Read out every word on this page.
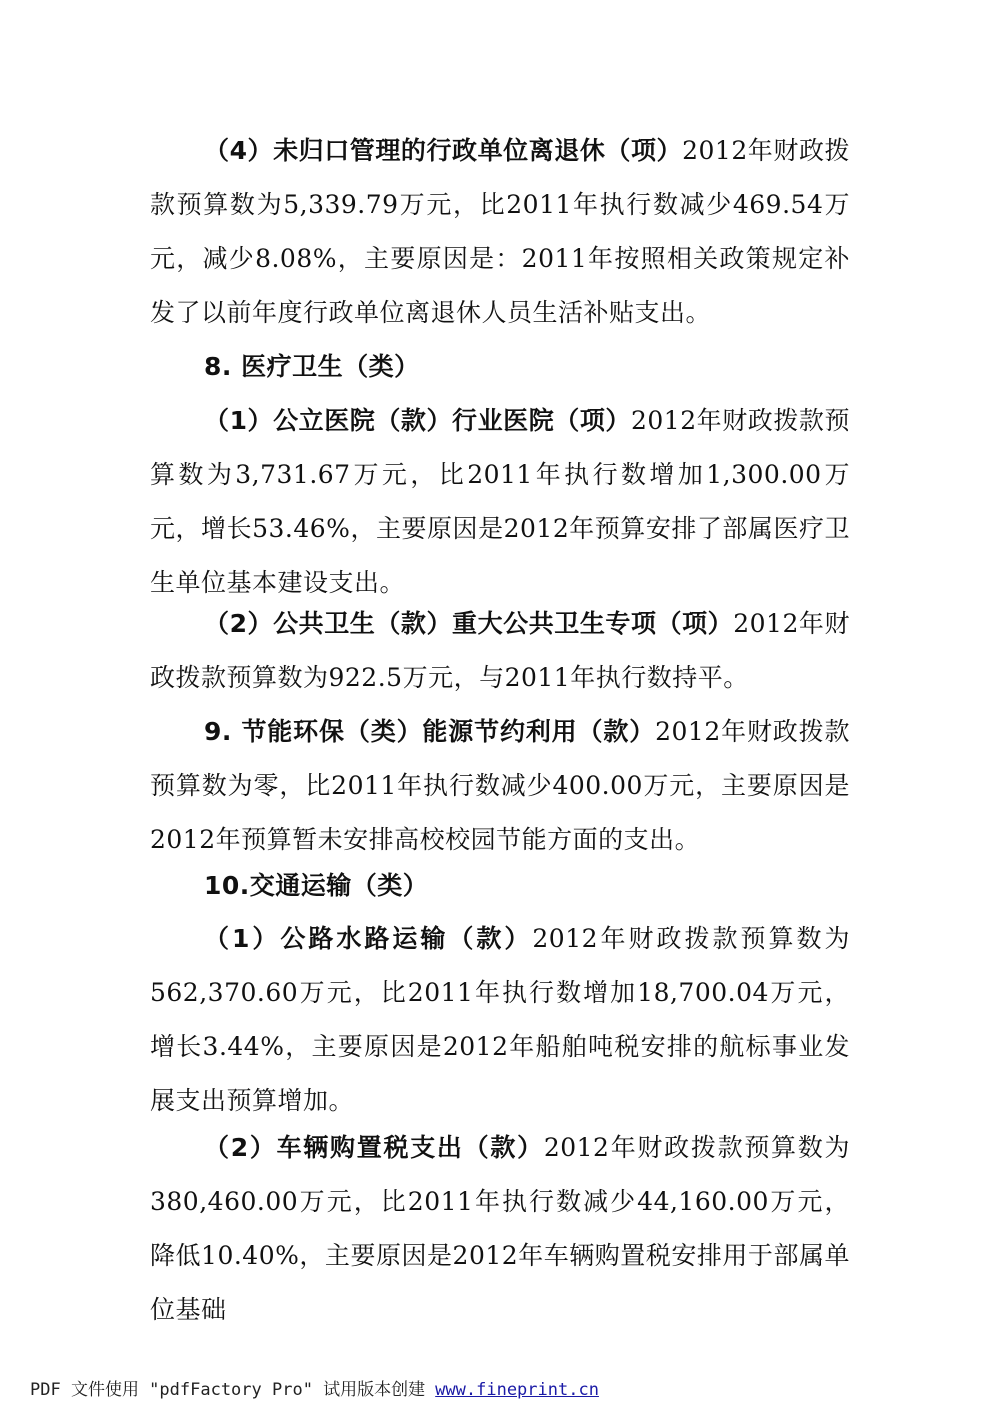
（4）未归口管理的行政单位离退休（项）2012年财政拨款预算数为5,339.79万元，比2011年执行数减少469.54万元，减少8.08%，主要原因是：2011年按照相关政策规定补发了以前年度行政单位离退休人员生活补贴支出。

8. 医疗卫生（类）

（1）公立医院（款）行业医院（项）2012年财政拨款预算数为3,731.67万元，比2011年执行数增加1,300.00万元，增长53.46%，主要原因是2012年预算安排了部属医疗卫生单位基本建设支出。

（2）公共卫生（款）重大公共卫生专项（项）2012年财政拨款预算数为922.5万元，与2011年执行数持平。

9. 节能环保（类）能源节约利用（款）2012年财政拨款预算数为零，比2011年执行数减少400.00万元，主要原因是2012年预算暂未安排高校校园节能方面的支出。

10.交通运输（类）

（1）公路水路运输（款）2012年财政拨款预算数为562,370.60万元，比2011年执行数增加18,700.04万元，增长3.44%，主要原因是2012年船舶吨税安排的航标事业发展支出预算增加。

（2）车辆购置税支出（款）2012年财政拨款预算数为380,460.00万元，比2011年执行数减少44,160.00万元，降低10.40%，主要原因是2012年车辆购置税安排用于部属单位基础

PDF 文件使用 "pdfFactory Pro" 试用版本创建 www.fineprint.cn
